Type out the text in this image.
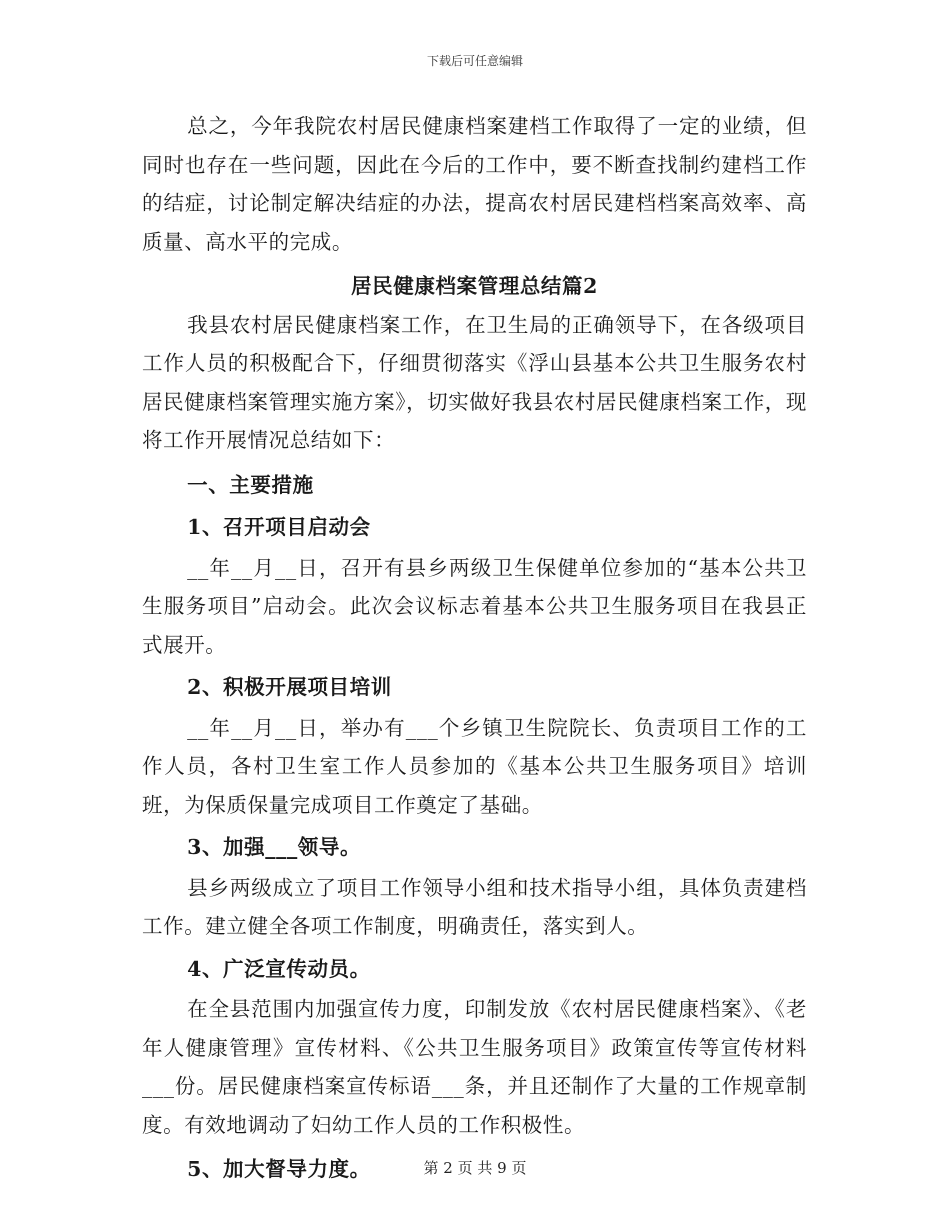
下载后可任意编辑

总之，今年我院农村居民健康档案建档工作取得了一定的业绩，但同时也存在一些问题，因此在今后的工作中，要不断查找制约建档工作的结症，讨论制定解决结症的办法，提高农村居民建档档案高效率、高质量、高水平的完成。

居民健康档案管理总结篇2

我县农村居民健康档案工作，在卫生局的正确领导下，在各级项目工作人员的积极配合下，仔细贯彻落实《浮山县基本公共卫生服务农村居民健康档案管理实施方案》，切实做好我县农村居民健康档案工作，现将工作开展情况总结如下：

一、主要措施

1、召开项目启动会

__年__月__日，召开有县乡两级卫生保健单位参加的“基本公共卫生服务项目”启动会。此次会议标志着基本公共卫生服务项目在我县正式展开。

2、积极开展项目培训

__年__月__日，举办有___个乡镇卫生院院长、负责项目工作的工作人员，各村卫生室工作人员参加的《基本公共卫生服务项目》培训班，为保质保量完成项目工作奠定了基础。

3、加强___领导。

县乡两级成立了项目工作领导小组和技术指导小组，具体负责建档工作。建立健全各项工作制度，明确责任，落实到人。

4、广泛宣传动员。

在全县范围内加强宣传力度，印制发放《农村居民健康档案》、《老年人健康管理》宣传材料、《公共卫生服务项目》政策宣传等宣传材料___份。居民健康档案宣传标语___条，并且还制作了大量的工作规章制度。有效地调动了妇幼工作人员的工作积极性。

5、加大督导力度。	第 2 页 共 9 页
